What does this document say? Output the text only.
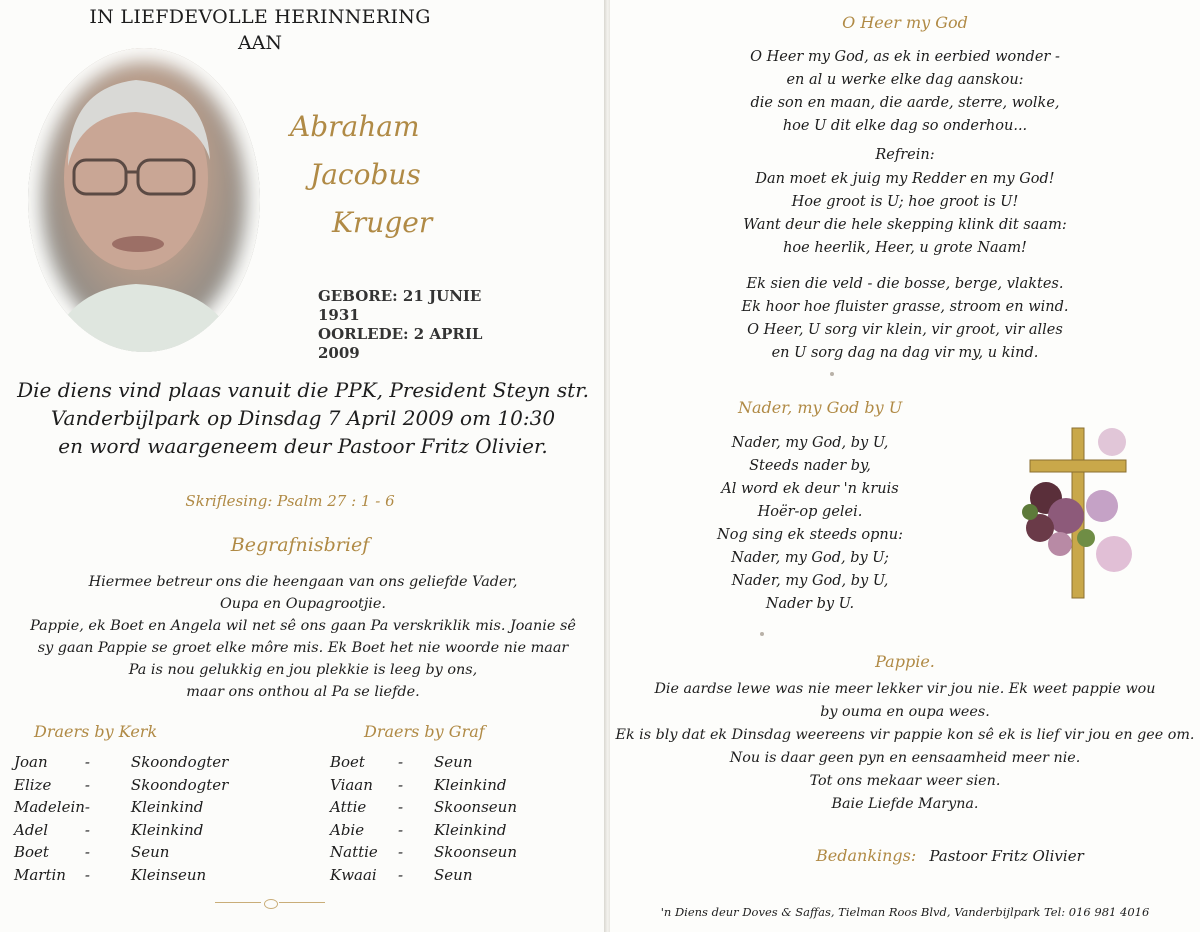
IN LIEFDEVOLLE HERINNERING
AAN
Abraham
Jacobus
Kruger
GEBORE: 21 JUNIE 1931
OORLEDE: 2 APRIL 2009
Die diens vind plaas vanuit die PPK, President Steyn str.
Vanderbijlpark op Dinsdag 7 April 2009 om 10:30
en word waargeneem deur Pastoor Fritz Olivier.
Skriflesing: Psalm 27 : 1 - 6
Begrafnisbrief
Hiermee betreur ons die heengaan van ons geliefde Vader,
Oupa en Oupagrootjie.
Pappie, ek Boet en Angela wil net sê ons gaan Pa verskriklik mis. Joanie sê
sy gaan Pappie se groet elke môre mis. Ek Boet het nie woorde nie maar
Pa is nou gelukkig en jou plekkie is leeg by ons,
maar ons onthou al Pa se liefde.
Draers by Kerk	Draers by Graf
Joan	-	Skoondogter
Elize	-	Skoondogter
Madelein	-	Kleinkind
Adel	-	Kleinkind
Boet	-	Seun
Martin	-	Kleinseun
Boet	-	Seun
Viaan	-	Kleinkind
Attie	-	Skoonseun
Abie	-	Kleinkind
Nattie	-	Skoonseun
Kwaai	-	Seun
O Heer my God
O Heer my God, as ek in eerbied wonder -
en al u werke elke dag aanskou:
die son en maan, die aarde, sterre, wolke,
hoe U dit elke dag so onderhou...
Refrein:
Dan moet ek juig my Redder en my God!
Hoe groot is U; hoe groot is U!
Want deur die hele skepping klink dit saam:
hoe heerlik, Heer, u grote Naam!
Ek sien die veld - die bosse, berge, vlaktes.
Ek hoor hoe fluister grasse, stroom en wind.
O Heer, U sorg vir klein, vir groot, vir alles
en U sorg dag na dag vir my, u kind.
Nader, my God by U
Nader, my God, by U,
Steeds nader by,
Al word ek deur 'n kruis
Hoër-op gelei.
Nog sing ek steeds opnu:
Nader, my God, by U;
Nader, my God, by U,
Nader by U.
Pappie.
Die aardse lewe was nie meer lekker vir jou nie. Ek weet pappie wou
by ouma en oupa wees.
Ek is bly dat ek Dinsdag weereens vir pappie kon sê ek is lief vir jou en gee om.
Nou is daar geen pyn en eensaamheid meer nie.
Tot ons mekaar weer sien.
Baie Liefde Maryna.
Bedankings: Pastoor Fritz Olivier
'n Diens deur Doves & Saffas, Tielman Roos Blvd, Vanderbijlpark Tel: 016 981 4016
